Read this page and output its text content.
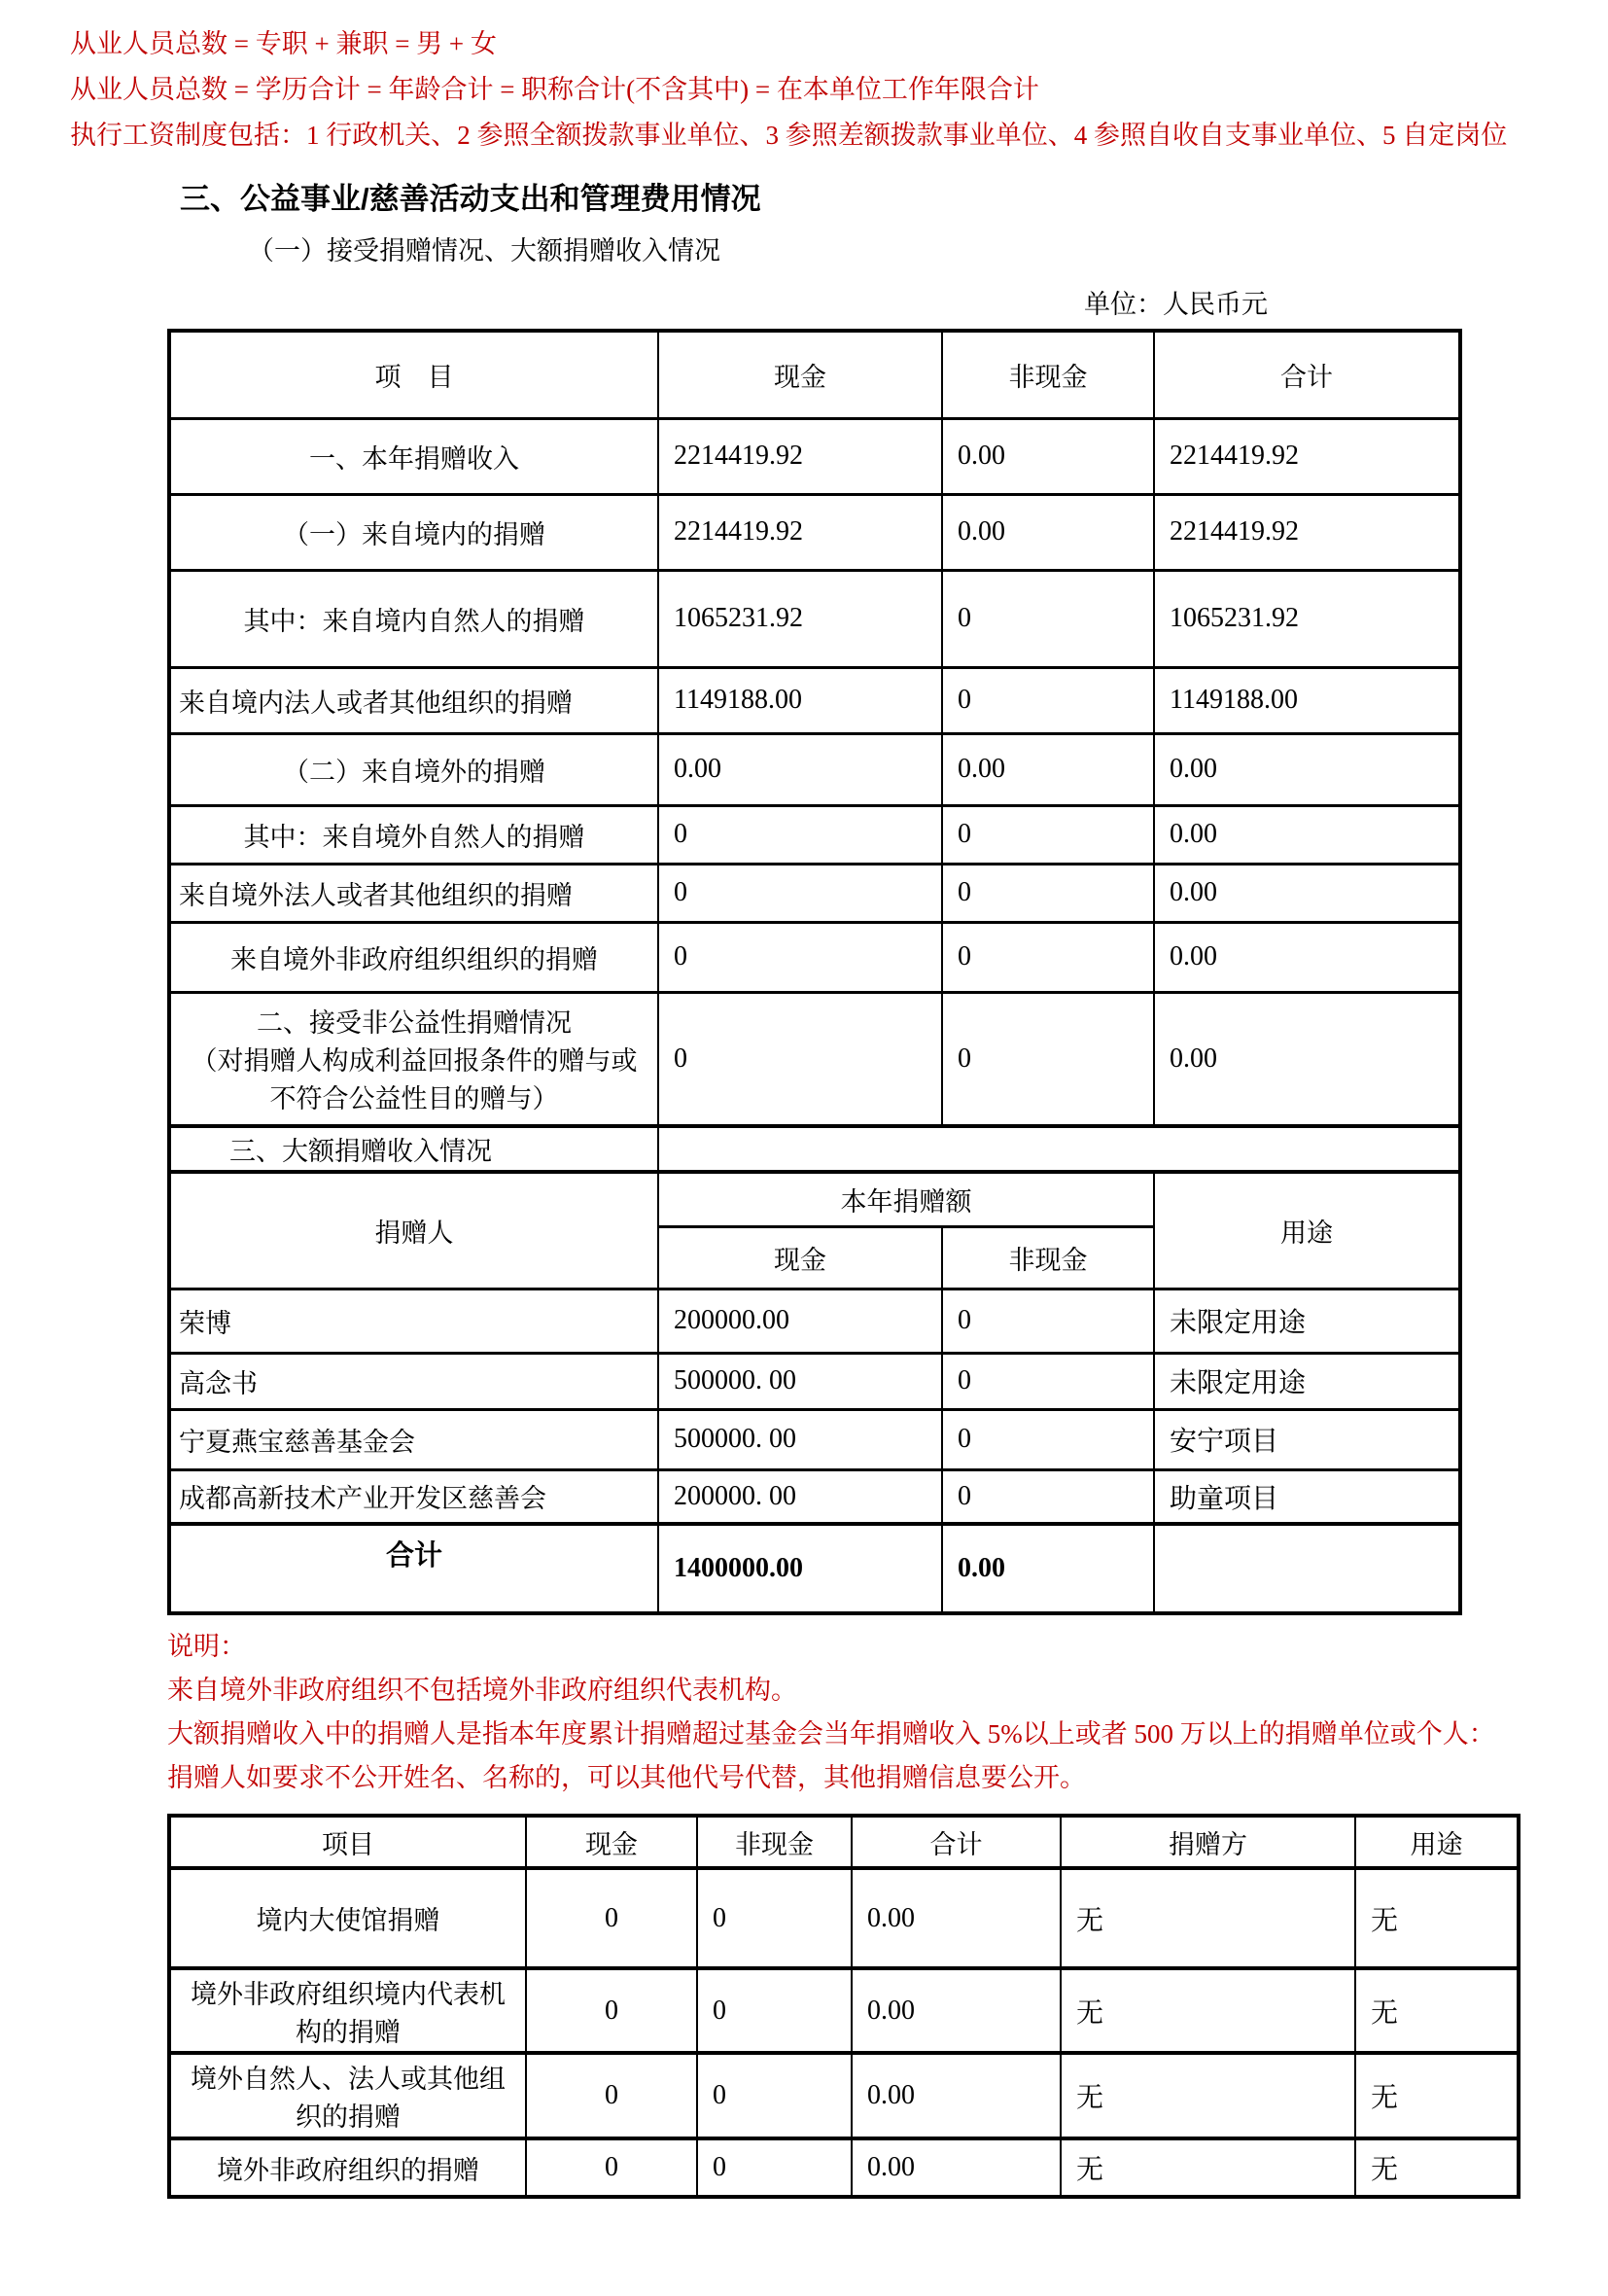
从业人员总数 = 专职 + 兼职 = 男 + 女

从业人员总数 = 学历合计 = 年龄合计 = 职称合计(不含其中) = 在本单位工作年限合计

执行工资制度包括：1 行政机关、2 参照全额拨款事业单位、3 参照差额拨款事业单位、4 参照自收自支事业单位、5 自定岗位

三、公益事业/慈善活动支出和管理费用情况
（一）接受捐赠情况、大额捐赠收入情况
单位：人民币元
项　目	现金	非现金	合计
一、本年捐赠收入	2214419.92	0.00	2214419.92
（一）来自境内的捐赠	2214419.92	0.00	2214419.92
其中：来自境内自然人的捐赠	1065231.92	0	1065231.92
来自境内法人或者其他组织的捐赠	1149188.00	0	1149188.00
（二）来自境外的捐赠	0.00	0.00	0.00
其中：来自境外自然人的捐赠	0	0	0.00
来自境外法人或者其他组织的捐赠	0	0	0.00
来自境外非政府组织组织的捐赠	0	0	0.00

二、接受非公益性捐赠情况
（对捐赠人构成利益回报条件的赠与或不符合公益性目的赠与）	0	0	0.00
三、大额捐赠收入情况			
捐赠人	本年捐赠额		用途
	现金	非现金	
荣博	200000.00	0	未限定用途
高念书	500000. 00	0	未限定用途
宁夏燕宝慈善基金会	500000. 00	0	安宁项目
成都高新技术产业开发区慈善会	200000. 00	0	助童项目
合计	1400000.00	0.00	

说明：

来自境外非政府组织不包括境外非政府组织代表机构。

大额捐赠收入中的捐赠人是指本年度累计捐赠超过基金会当年捐赠收入 5%以上或者 500 万以上的捐赠单位或个人：

捐赠人如要求不公开姓名、名称的，可以其他代号代替，其他捐赠信息要公开。

项目	现金	非现金	合计	捐赠方	用途
境内大使馆捐赠	0	0	0.00	无	无
境外非政府组织境内代表机构的捐赠	0	0	0.00	无	无
境外自然人、法人或其他组织的捐赠	0	0	0.00	无	无
境外非政府组织的捐赠	0	0	0.00	无	无
